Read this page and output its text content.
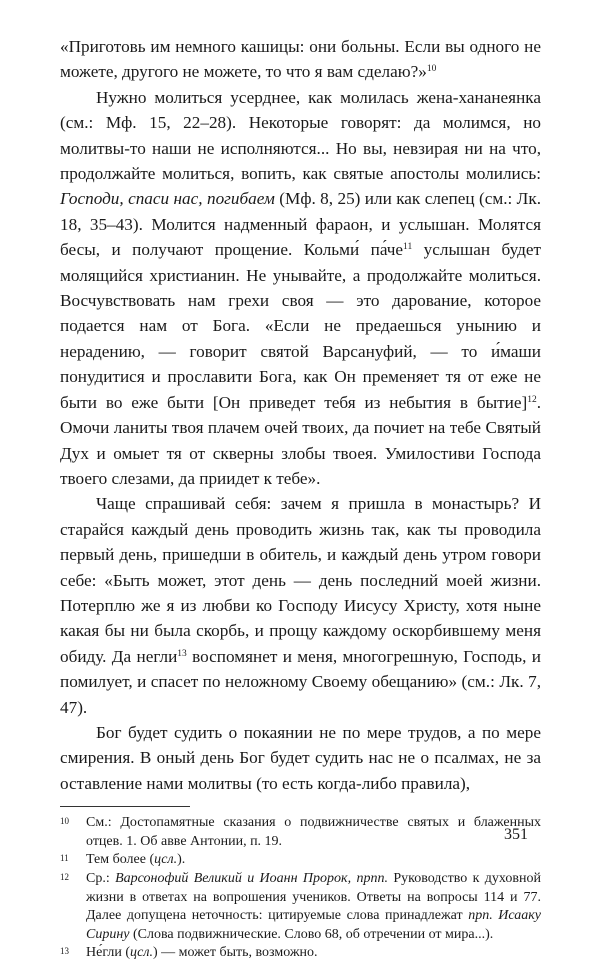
«Приготовь им немного кашицы: они больны. Если вы одного не можете, другого не можете, то что я вам сделаю?»$^{10}$

Нужно молиться усерднее, как молилась жена-хананеянка (см.: Мф. 15, 22–28). Некоторые говорят: да молимся, но молитвы-то наши не исполняются... Но вы, невзирая ни на что, продолжайте молиться, вопить, как святые апостолы молились: Господи, спаси нас, погибаем (Мф. 8, 25) или как слепец (см.: Лк. 18, 35–43). Молится надменный фараон, и услышан. Молятся бесы, и получают прощение. Кольми́ $па́че^{11}$ услышан будет молящийся христианин. Не унывайте, а продолжайте молиться. Восчувствовать нам грехи своя — это дарование, которое подается нам от Бога. «Если не предаешься унынию и нерадению, — говорит святой Варсануфий, — то и́маши понудитися и прославити Бога, как Он пременяет тя от еже не быти во еже быти [Он приведет тебя из небытия в бытие]$^{12}$. Омочи ланиты твоя плачем очей твоих, да почиет на тебе Святый Дух и омыет тя от скверны злобы твоея. Умилостиви Господа твоего слезами, да приидет к тебе».

Чаще спрашивай себя: зачем я пришла в монастырь? И старайся каждый день проводить жизнь так, как ты проводила первый день, пришедши в обитель, и каждый день утром говори себе: «Быть может, этот день — день последний моей жизни. Потерплю же я из любви ко Господу Иисусу Христу, хотя ныне какая бы ни была скорбь, и прощу каждому оскорбившему меня обиду. Да негли$^{13}$ воспомянет и меня, многогрешную, Господь, и помилует, и спасет по неложному Своему обещанию» (см.: Лк. 7, 47).

Бог будет судить о покаянии не по мере трудов, а по мере смирения. В оный день Бог будет судить нас не о псалмах, не за оставление нами молитвы (то есть когда-либо правила),

10 См.: Достопамятные сказания о подвижничестве святых и блаженных отцев. 1. Об авве Антонии, п. 19.
11 Тем более (цсл.).
12 Ср.: Варсонофий Великий и Иоанн Пророк, прпп. Руководство к духовной жизни в ответах на вопрошения учеников. Ответы на вопросы 114 и 77. Далее допущена неточность: цитируемые слова принадлежат прп. Исааку Сирину (Слова подвижнические. Слово 68, об отречении от мира...).
13 Не́гли (цсл.) — может быть, возможно.
351
